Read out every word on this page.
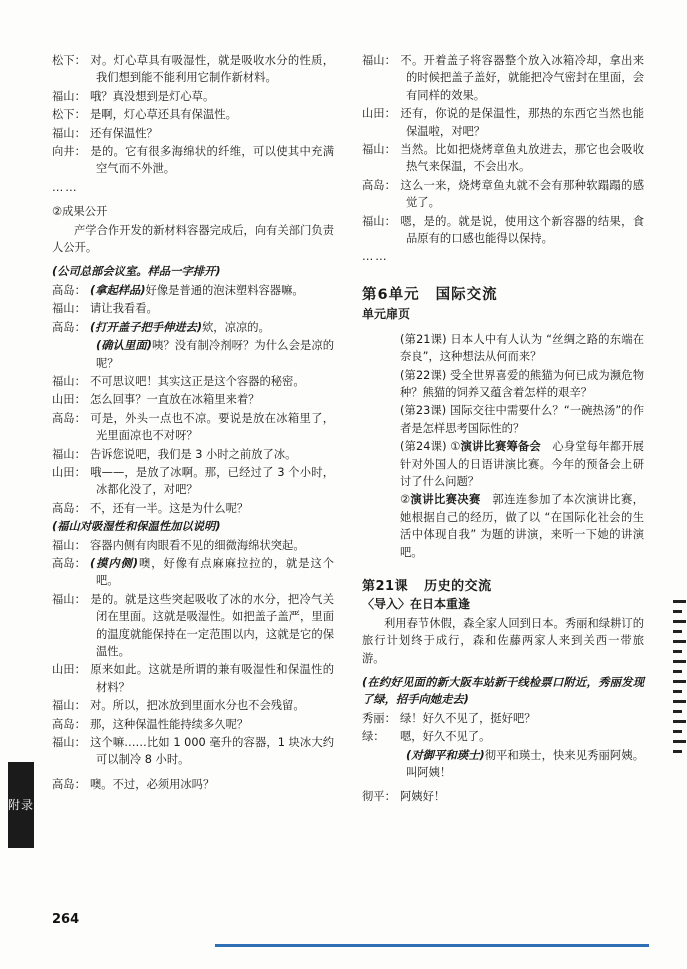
附录

松下： 对。灯心草具有吸湿性，就是吸收水分的性质，我们想到能不能利用它制作新材料。

福山： 哦？真没想到是灯心草。

松下： 是啊，灯心草还具有保温性。

福山： 还有保温性？

向井： 是的。它有很多海绵状的纤维，可以使其中充满空气而不外泄。

……

②成果公开

产学合作开发的新材料容器完成后，向有关部门负责人公开。

(公司总部会议室。样品一字排开)

高岛： (拿起样品)好像是普通的泡沫塑料容器嘛。

福山： 请让我看看。

高岛： (打开盖子把手伸进去)欸，凉凉的。

(确认里面)咦？没有制冷剂呀？为什么会是凉的呢？

福山： 不可思议吧！其实这正是这个容器的秘密。

山田： 怎么回事？一直放在冰箱里来着？

高岛： 可是，外头一点也不凉。要说是放在冰箱里了，光里面凉也不对呀？

福山： 告诉您说吧，我们是 3 小时之前放了冰。

山田： 哦——，是放了冰啊。那，已经过了 3 个小时，冰都化没了，对吧？

高岛： 不，还有一半。这是为什么呢？

(福山对吸湿性和保温性加以说明)

福山： 容器内侧有肉眼看不见的细微海绵状突起。

高岛： (摸内侧)噢，好像有点麻麻拉拉的，就是这个吧。

福山： 是的。就是这些突起吸收了冰的水分，把冷气关闭在里面。这就是吸湿性。如把盖子盖严，里面的温度就能保持在一定范围以内，这就是它的保温性。

山田： 原来如此。这就是所谓的兼有吸湿性和保温性的材料？

福山： 对。所以，把冰放到里面水分也不会残留。

高岛： 那，这种保温性能持续多久呢？

福山： 这个嘛……比如 1 000 毫升的容器，1 块冰大约可以制冷 8 小时。

高岛： 噢。不过，必须用冰吗？

福山： 不。开着盖子将容器整个放入冰箱冷却，拿出来的时候把盖子盖好，就能把冷气密封在里面，会有同样的效果。

山田： 还有，你说的是保温性，那热的东西它当然也能保温啦，对吧？

福山： 当然。比如把烧烤章鱼丸放进去，那它也会吸收热气来保温，不会出水。

高岛： 这么一来，烧烤章鱼丸就不会有那种软蹋蹋的感觉了。

福山： 嗯，是的。就是说，使用这个新容器的结果，食品原有的口感也能得以保持。

……

第6单元 国际交流

单元扉页

(第21课) 日本人中有人认为 “丝绸之路的东端在奈良”，这种想法从何而来？

(第22课) 受全世界喜爱的熊猫为何已成为濒危物种？熊猫的饲养又蕴含着怎样的艰辛？

(第23课) 国际交往中需要什么？“一碗热汤”的作者是怎样思考国际性的？

(第24课) ①演讲比赛筹备会　心身堂每年都开展针对外国人的日语讲演比赛。今年的预备会上研讨了什么问题？

②演讲比赛决赛　郭连连参加了本次演讲比赛，她根据自己的经历，做了以 “在国际化社会的生活中体现自我” 为题的讲演，来听一下她的讲演吧。

第21课 历史的交流

〈导入〉在日本重逢

利用春节休假，森全家人回到日本。秀丽和绿耕订的旅行计划终于成行，森和佐藤两家人来到关西一带旅游。

(在约好见面的新大阪车站新干线检票口附近，秀丽发现了绿，招手向她走去)

秀丽： 绿！好久不见了，挺好吧？

绿： 嗯，好久不见了。

(对御平和瑛士)彻平和瑛士，快来见秀丽阿姨。叫阿姨！

彻平： 阿姨好！

264
